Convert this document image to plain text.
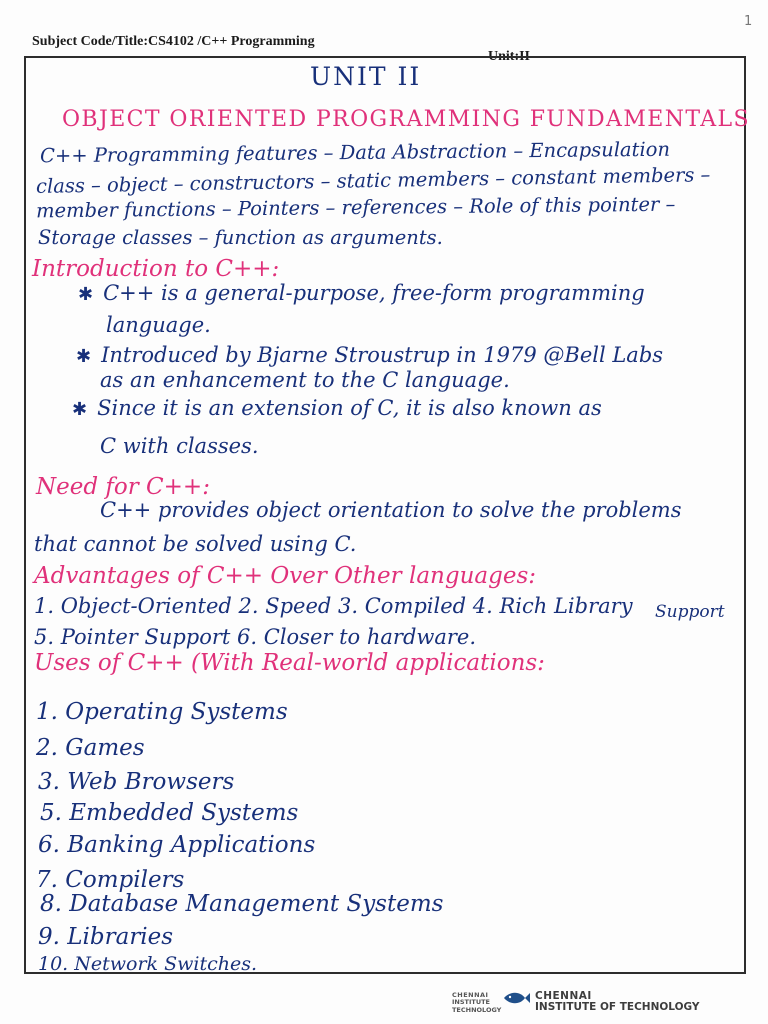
1
Subject Code/Title:CS4102 /C++ Programming
Unit:II
UNIT II
OBJECT ORIENTED PROGRAMMING FUNDAMENTALS
C++ Programming features – Data Abstraction – Encapsulation
class – object – constructors – static members – constant members –
member functions – Pointers – references – Role of this pointer –
Storage classes – function as arguments.
Introduction to C++:
✱ C++ is a general-purpose, free-form programming
language.
✱ Introduced by Bjarne Stroustrup in 1979 @Bell Labs
as an enhancement to the C language.
✱ Since it is an extension of C, it is also known as
C with classes.
Need for C++:
C++ provides object orientation to solve the problems
that cannot be solved using C.
Advantages of C++ Over Other languages:
1. Object-Oriented 2. Speed 3. Compiled 4. Rich Library Support
5. Pointer Support 6. Closer to hardware.
Uses of C++ (With Real-world applications:
1. Operating Systems
2. Games
3. Web Browsers
5. Embedded Systems
6. Banking Applications
7. Compilers
8. Database Management Systems
9. Libraries
10. Network Switches.
CHENNAI
INSTITUTE
TECHNOLOGY
CHENNAI
INSTITUTE OF TECHNOLOGY
